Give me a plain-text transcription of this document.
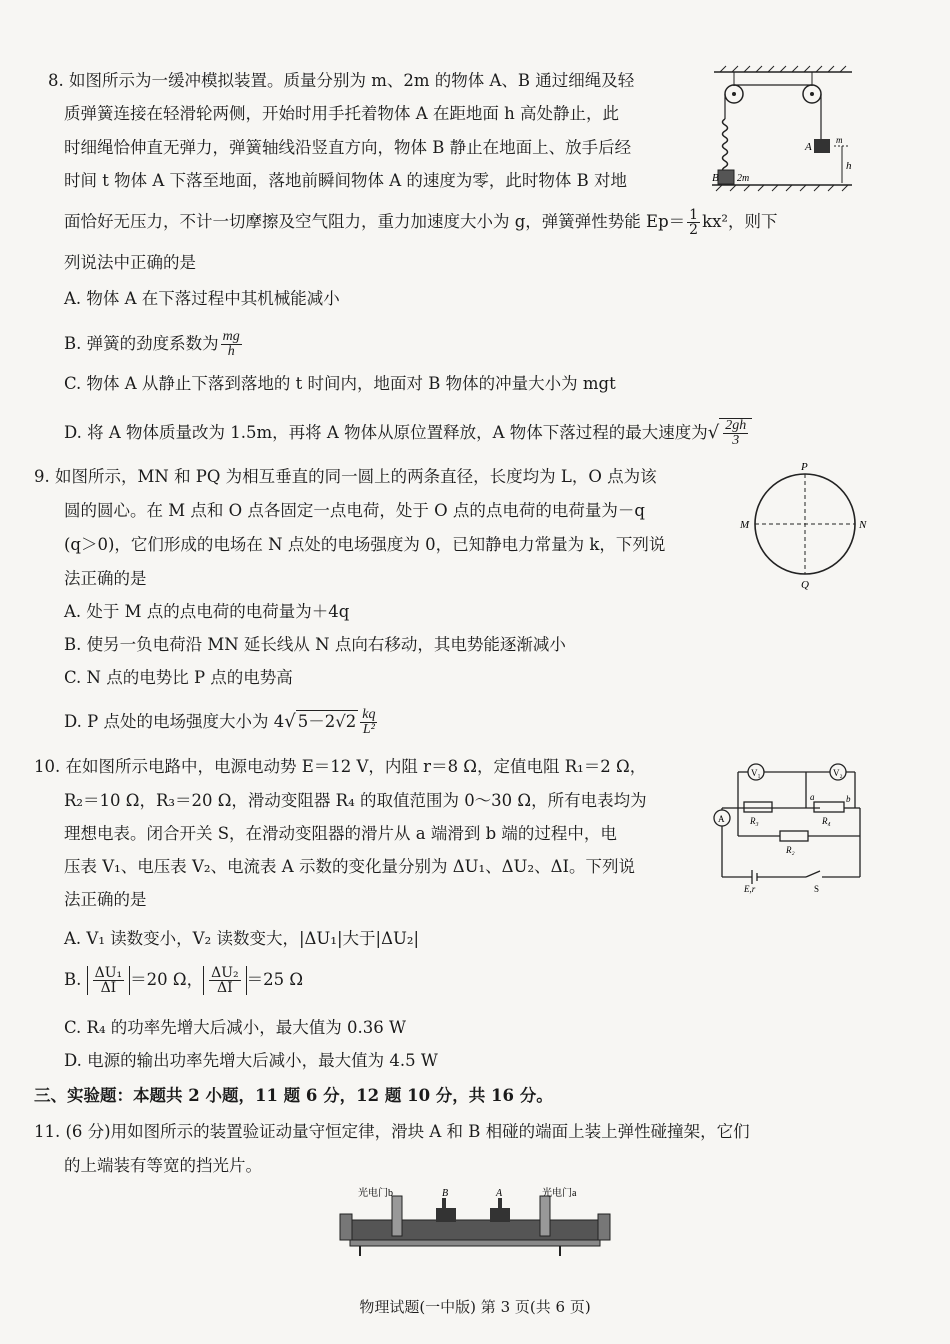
8. 如图所示为一缓冲模拟装置。质量分别为 m、2m 的物体 A、B 通过细绳及轻
质弹簧连接在轻滑轮两侧，开始时用手托着物体 A 在距地面 h 高处静止，此
时细绳恰伸直无弹力，弹簧轴线沿竖直方向，物体 B 静止在地面上、放手后经
时间 t 物体 A 下落至地面，落地前瞬间物体 A 的速度为零，此时物体 B 对地
面恰好无压力，不计一切摩擦及空气阻力，重力加速度大小为 g，弹簧弹性势能 $Ep= \frac{1}{2} kx^2$，则下
列说法中正确的是
A. 物体 A 在下落过程中其机械能减小
B. 弹簧的劲度系数为 $\frac{mg}{h}$
C. 物体 A 从静止下落到落地的 t 时间内，地面对 B 物体的冲量大小为 mgt
D. 将 A 物体质量改为 1.5m，再将 A 物体从原位置释放，A 物体下落过程的最大速度为√ $\frac{2gh}{3}$
A
m
B 2m
h
9. 如图所示，MN 和 PQ 为相互垂直的同一圆上的两条直径，长度均为 L，O 点为该
圆的圆心。在 M 点和 O 点各固定一点电荷，处于 O 点的点电荷的电荷量为－q
(q＞0)，它们形成的电场在 N 点处的电场强度为 0，已知静电力常量为 k，下列说
法正确的是
A. 处于 M 点的点电荷的电荷量为＋4q
B. 使另一负电荷沿 MN 延长线从 N 点向右移动，其电势能逐渐减小
C. N 点的电势比 P 点的电势高
D. P 点处的电场强度大小为 4√ $5-2√2 \frac{kq}{\text{L²}}$
P
M	N
Q
10. 在如图所示电路中，电源电动势 E＝12 V，内阻 r＝8 Ω，定值电阻 R₁＝2 Ω，
R₂＝10 Ω，R₃＝20 Ω，滑动变阻器 R₄ 的取值范围为 0～30 Ω，所有电表均为
理想电表。闭合开关 S，在滑动变阻器的滑片从 a 端滑到 b 端的过程中，电
压表 V₁、电压表 V₂、电流表 A 示数的变化量分别为 ΔU₁、ΔU₂、ΔI。下列说
法正确的是
A. V₁ 读数变小，V₂ 读数变大，|ΔU₁|大于|ΔU₂|
B. $\frac{\text{ΔU₁}}{\Delta I} =20$ Ω， $\frac{\text{ΔU₂}}{\Delta I} =25$ Ω
C. R₄ 的功率先增大后减小，最大值为 0.36 W
D. 电源的输出功率先增大后减小，最大值为 4.5 W
V₁	V₂
A	R₃	R₄
R₂
a	b
E,r	S
三、实验题：本题共 2 小题，11 题 6 分，12 题 10 分，共 16 分。
11. (6 分)用如图所示的装置验证动量守恒定律，滑块 A 和 B 相碰的端面上装上弹性碰撞架，它们
的上端装有等宽的挡光片。
光电门b	B	A	光电门a
物理试题(一中版) 第 3 页(共 6 页)
